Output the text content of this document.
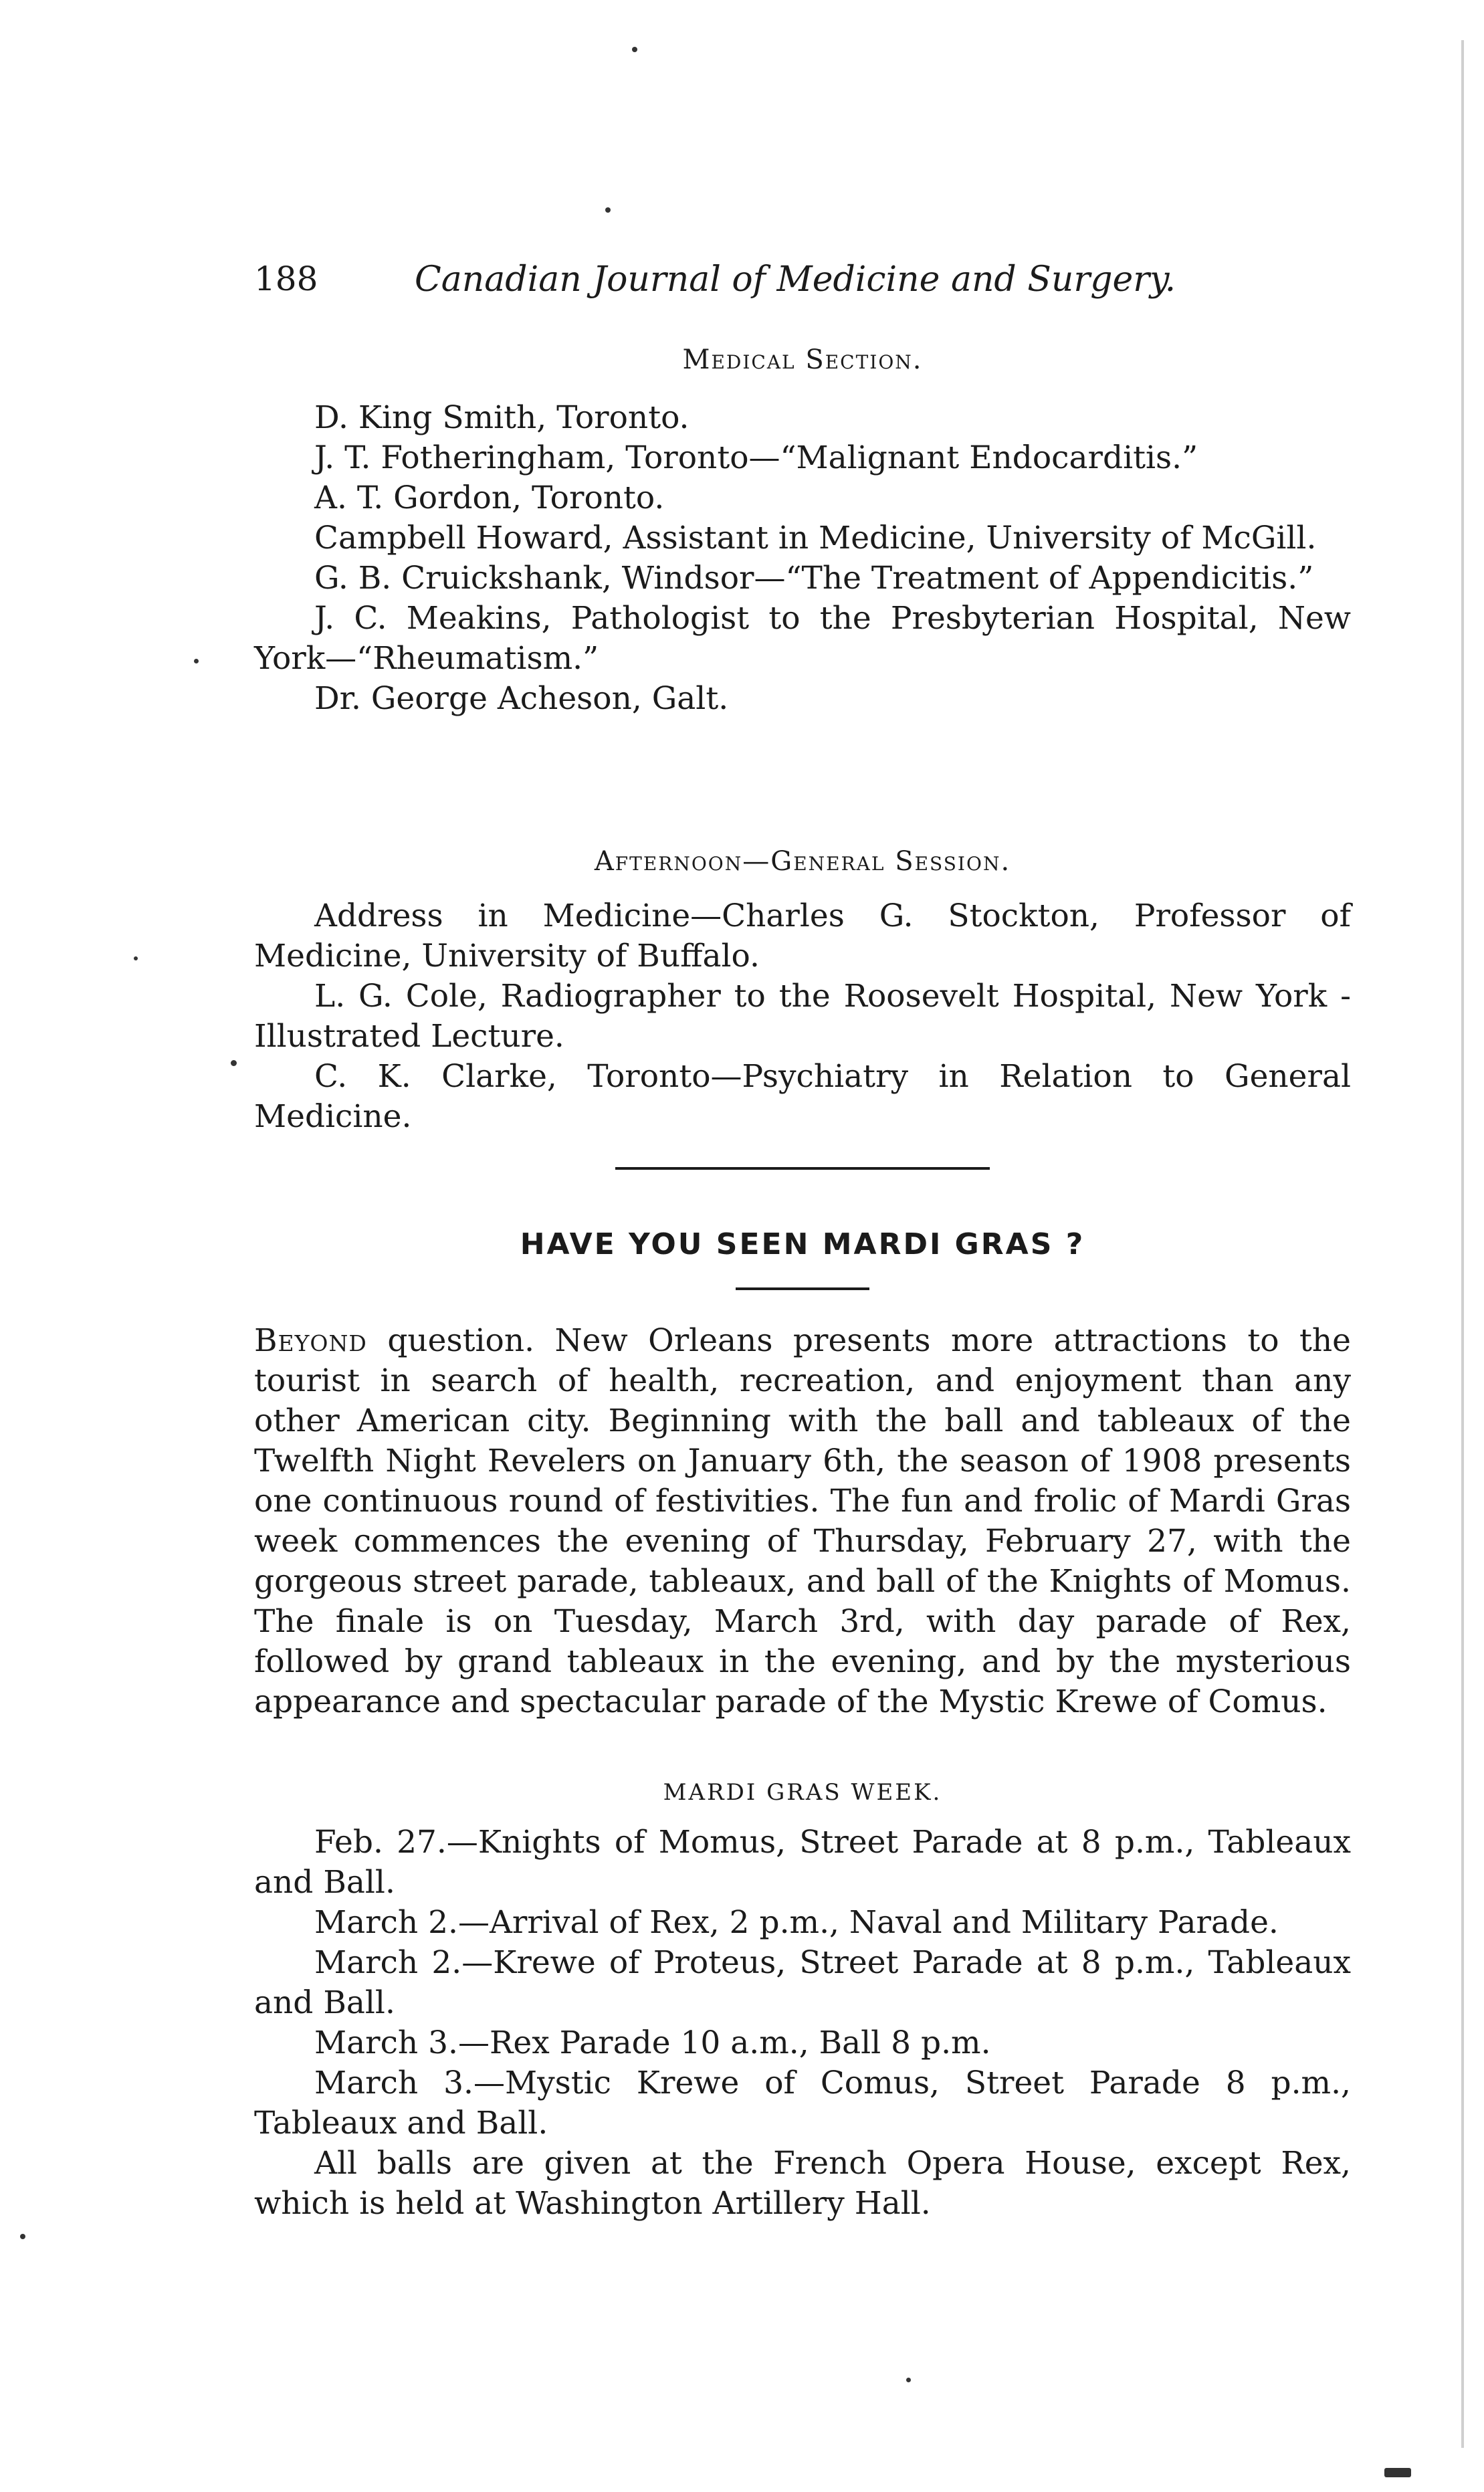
188	Canadian Journal of Medicine and Surgery.
Medical Section.

D. King Smith, Toronto.

J. T. Fotheringham, Toronto—“Malignant Endocarditis.”

A. T. Gordon, Toronto.

Campbell Howard, Assistant in Medicine, University of McGill.

G. B. Cruickshank, Windsor—“The Treatment of Appendicitis.”

J. C. Meakins, Pathologist to the Presbyterian Hospital, New York—“Rheumatism.”

Dr. George Acheson, Galt.

Afternoon—General Session.

Address in Medicine—Charles G. Stockton, Professor of Medicine, University of Buffalo.

L. G. Cole, Radiographer to the Roosevelt Hospital, New York - Illustrated Lecture.

C. K. Clarke, Toronto—Psychiatry in Relation to General Medicine.

HAVE YOU SEEN MARDI GRAS ?

Beyond question. New Orleans presents more attractions to the tourist in search of health, recreation, and enjoyment than any other American city. Beginning with the ball and tableaux of the Twelfth Night Revelers on January 6th, the season of 1908 presents one continuous round of festivities. The fun and frolic of Mardi Gras week commences the evening of Thursday, February 27, with the gorgeous street parade, tableaux, and ball of the Knights of Momus. The finale is on Tuesday, March 3rd, with day parade of Rex, followed by grand tableaux in the evening, and by the mysterious appearance and spectacular parade of the Mystic Krewe of Comus.

MARDI GRAS WEEK.

Feb. 27.—Knights of Momus, Street Parade at 8 p.m., Tableaux and Ball.

March 2.—Arrival of Rex, 2 p.m., Naval and Military Parade.

March 2.—Krewe of Proteus, Street Parade at 8 p.m., Tableaux and Ball.

March 3.—Rex Parade 10 a.m., Ball 8 p.m.

March 3.—Mystic Krewe of Comus, Street Parade 8 p.m., Tableaux and Ball.

All balls are given at the French Opera House, except Rex, which is held at Washington Artillery Hall.
